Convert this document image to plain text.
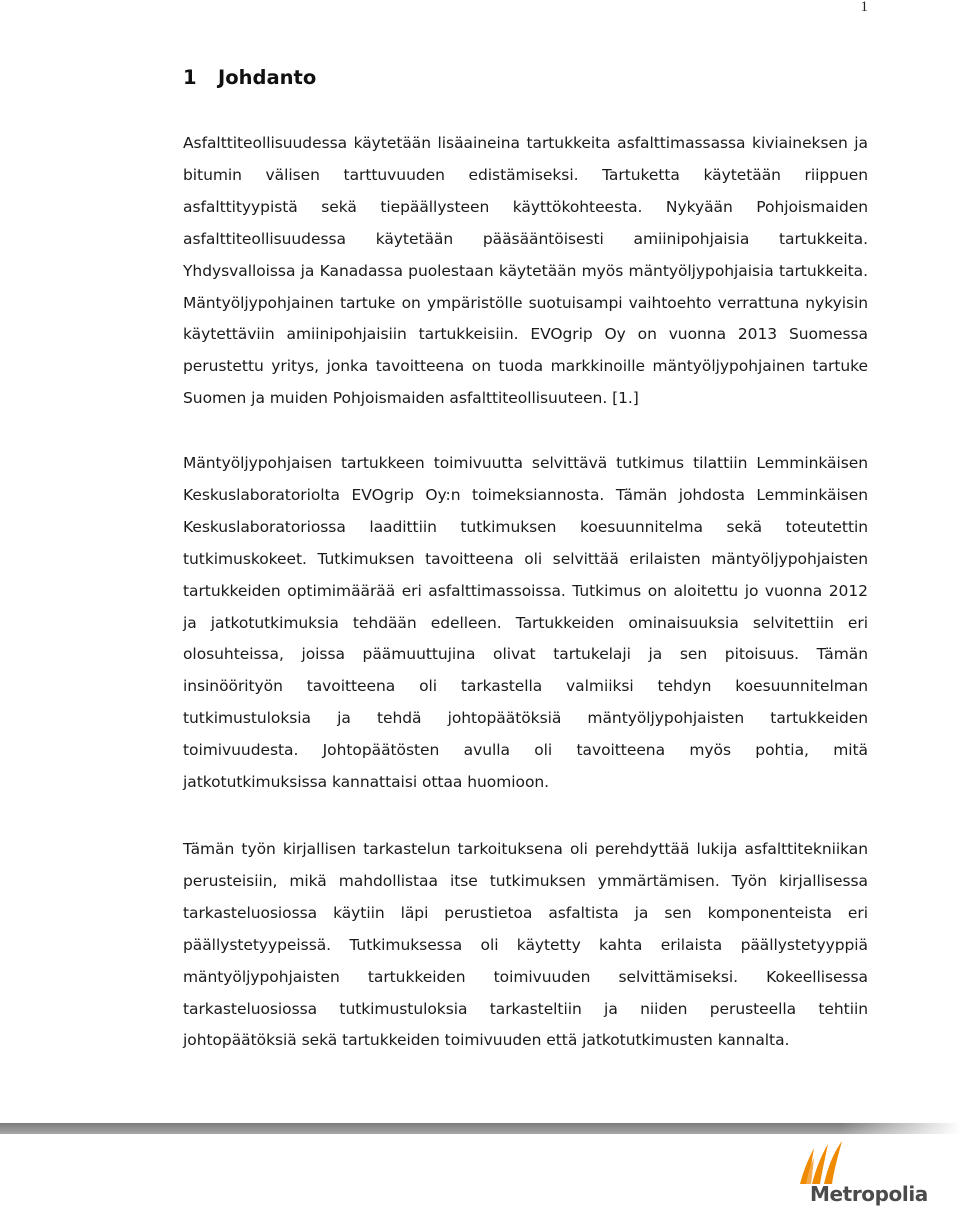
1
1 Johdanto

Asfalttiteollisuudessa käytetään lisäaineina tartukkeita asfalttimassassa kiviaineksen ja bitumin välisen tarttuvuuden edistämiseksi. Tartuketta käytetään riippuen asfalttityypistä sekä tiepäällysteen käyttökohteesta. Nykyään Pohjoismaiden asfalttiteollisuudessa käytetään pääsääntöisesti amiinipohjaisia tartukkeita. Yhdysvalloissa ja Kanadassa puolestaan käytetään myös mäntyöljypohjaisia tartukkeita. Mäntyöljypohjainen tartuke on ympäristölle suotuisampi vaihtoehto verrattuna nykyisin käytettäviin amiinipohjaisiin tartukkeisiin. EVOgrip Oy on vuonna 2013 Suomessa perustettu yritys, jonka tavoitteena on tuoda markkinoille mäntyöljypohjainen tartuke Suomen ja muiden Pohjoismaiden asfalttiteollisuuteen. [1.]

Mäntyöljypohjaisen tartukkeen toimivuutta selvittävä tutkimus tilattiin Lemminkäisen Keskuslaboratoriolta EVOgrip Oy:n toimeksiannosta. Tämän johdosta Lemminkäisen Keskuslaboratoriossa laadittiin tutkimuksen koesuunnitelma sekä toteutettin tutkimuskokeet. Tutkimuksen tavoitteena oli selvittää erilaisten mäntyöljypohjaisten tartukkeiden optimimäärää eri asfalttimassoissa. Tutkimus on aloitettu jo vuonna 2012 ja jatkotutkimuksia tehdään edelleen. Tartukkeiden ominaisuuksia selvitettiin eri olosuhteissa, joissa päämuuttujina olivat tartukelaji ja sen pitoisuus. Tämän insinöörityön tavoitteena oli tarkastella valmiiksi tehdyn koesuunnitelman tutkimustuloksia ja tehdä johtopäätöksiä mäntyöljypohjaisten tartukkeiden toimivuudesta. Johtopäätösten avulla oli tavoitteena myös pohtia, mitä jatkotutkimuksissa kannattaisi ottaa huomioon.

Tämän työn kirjallisen tarkastelun tarkoituksena oli perehdyttää lukija asfalttitekniikan perusteisiin, mikä mahdollistaa itse tutkimuksen ymmärtämisen. Työn kirjallisessa tarkasteluosiossa käytiin läpi perustietoa asfaltista ja sen komponenteista eri päällystetyypeissä. Tutkimuksessa oli käytetty kahta erilaista päällystetyyppiä mäntyöljypohjaisten tartukkeiden toimivuuden selvittämiseksi. Kokeellisessa tarkasteluosiossa tutkimustuloksia tarkasteltiin ja niiden perusteella tehtiin johtopäätöksiä sekä tartukkeiden toimivuuden että jatkotutkimusten kannalta.

Metropolia
